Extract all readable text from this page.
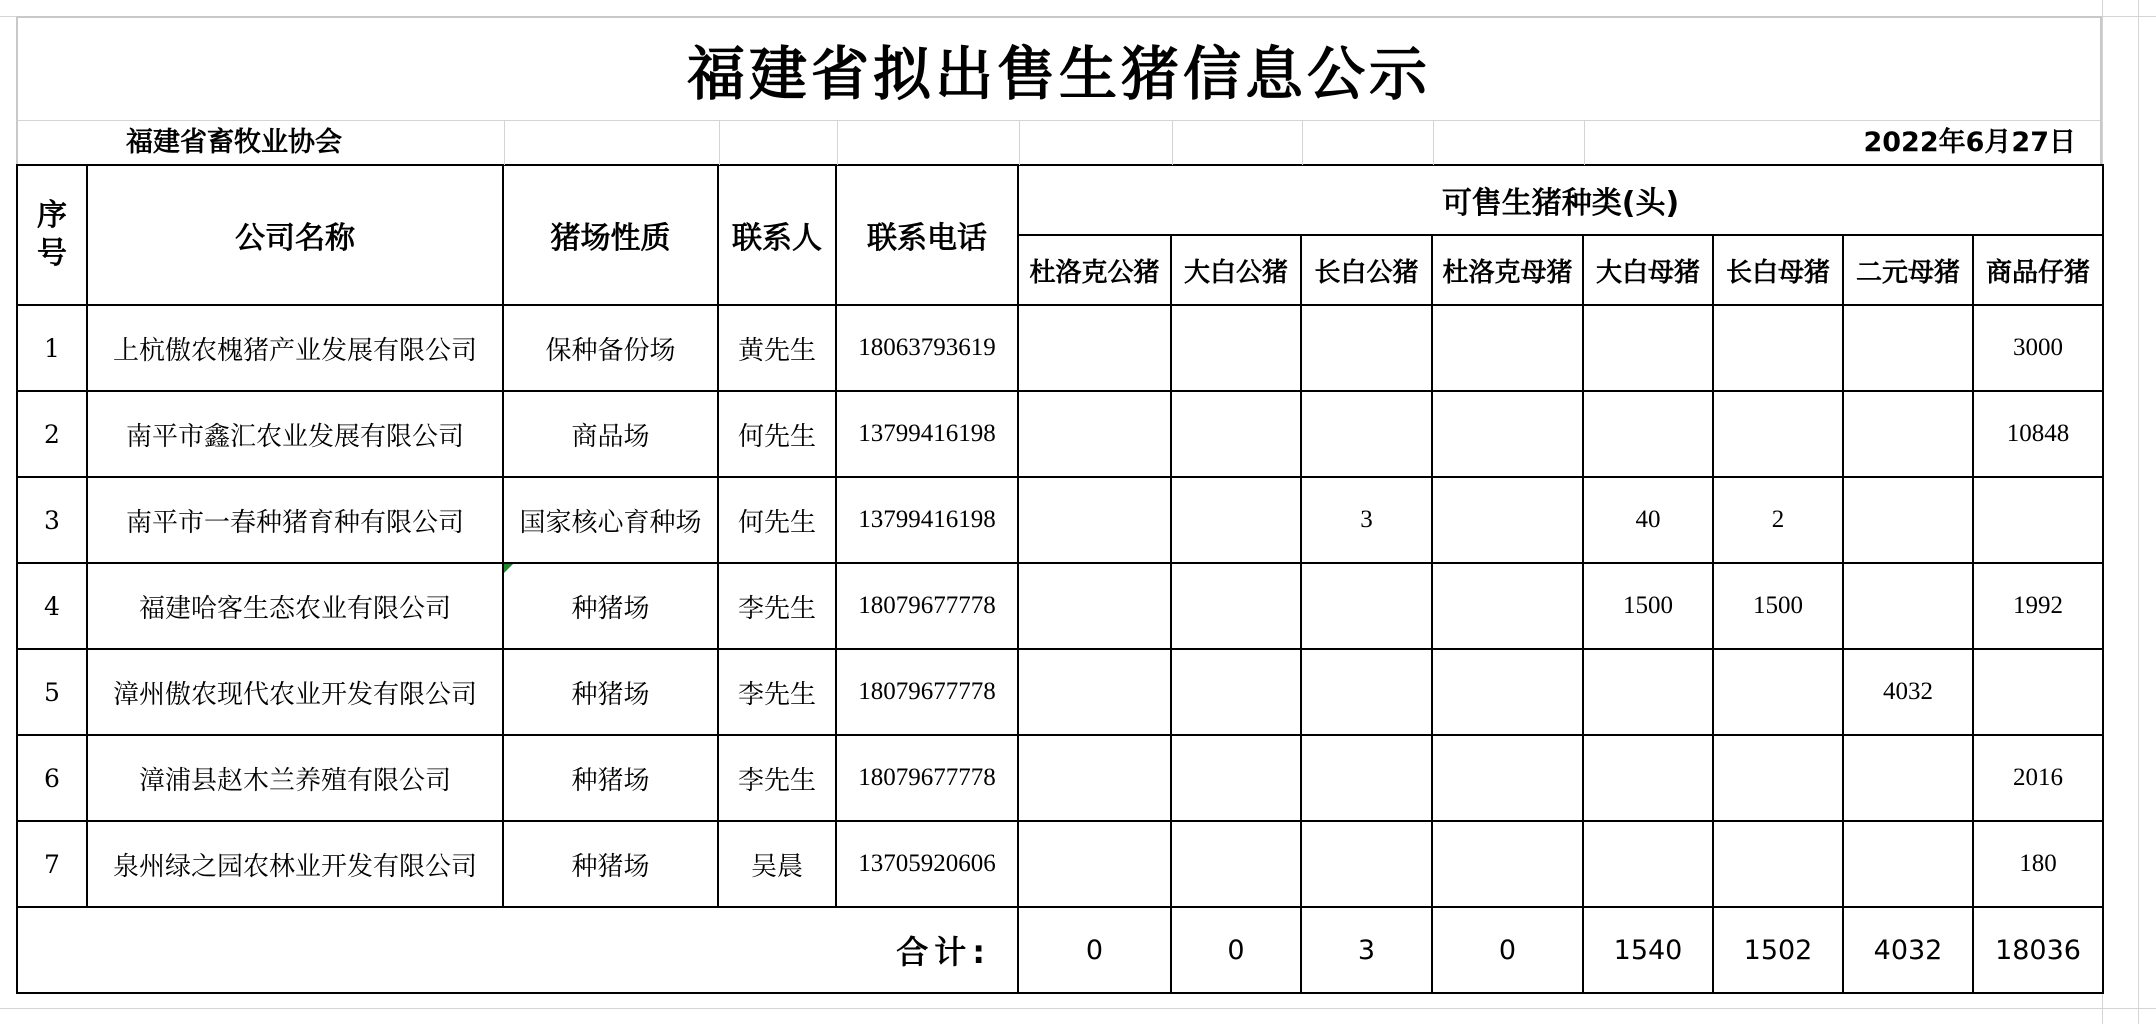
福建省拟出售生猪信息公示
福建省畜牧业协会	2022年6月27日
序号	公司名称	猪场性质	联系人	联系电话	可售生猪种类(头)							
					杜洛克公猪	大白公猪	长白公猪	杜洛克母猪	大白母猪	长白母猪	二元母猪	商品仔猪
1	上杭傲农槐猪产业发展有限公司	保种备份场	黄先生	18063793619								3000
2	南平市鑫汇农业发展有限公司	商品场	何先生	13799416198								10848
3	南平市一春种猪育种有限公司	国家核心育种场	何先生	13799416198			3		40	2		
4	福建哈客生态农业有限公司	种猪场	李先生	18079677778					1500	1500		1992
5	漳州傲农现代农业开发有限公司	种猪场	李先生	18079677778							4032	
6	漳浦县赵木兰养殖有限公司	种猪场	李先生	18079677778								2016
7	泉州绿之园农林业开发有限公司	种猪场	吴晨	13705920606								180
合计:					0	0	3	0	1540	1502	4032	18036
